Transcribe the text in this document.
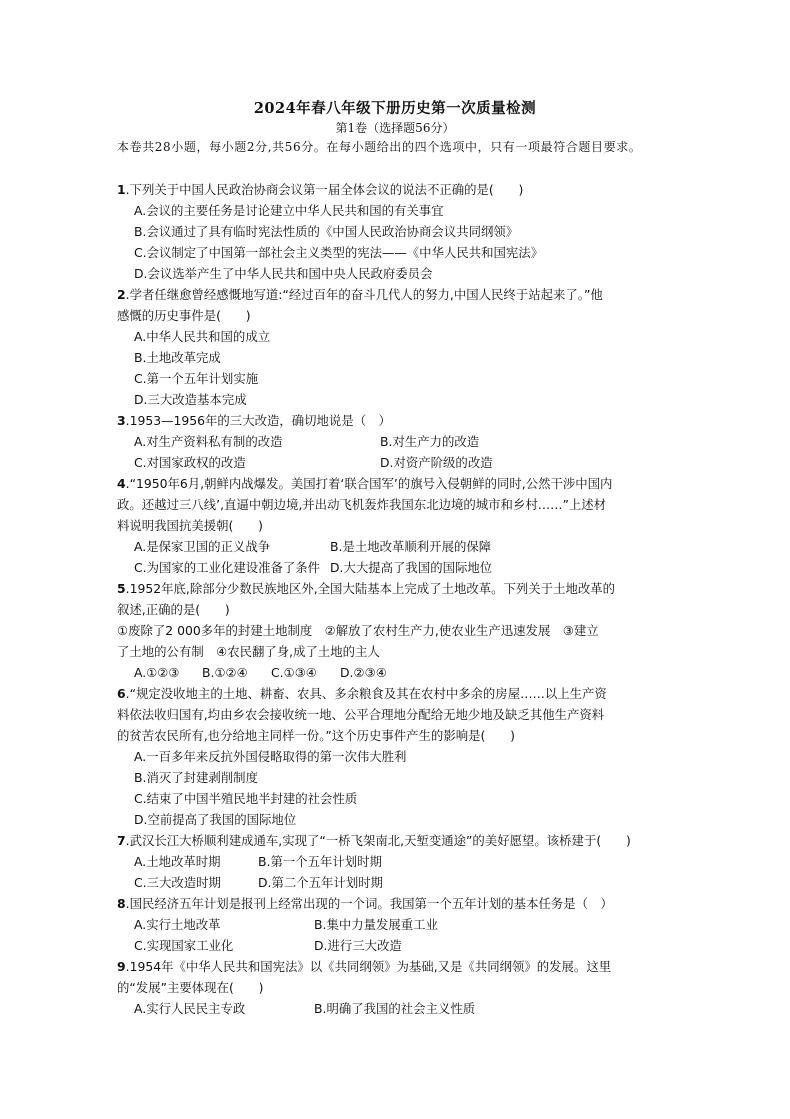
2024年春八年级下册历史第一次质量检测
第1卷（选择题56分）
本卷共28小题，每小题2分,共56分。在每小题给出的四个选项中，只有一项最符合题目要求。
1.下列关于中国人民政治协商会议第一届全体会议的说法不正确的是(　　)
A.会议的主要任务是讨论建立中华人民共和国的有关事宜
B.会议通过了具有临时宪法性质的《中国人民政治协商会议共同纲领》
C.会议制定了中国第一部社会主义类型的宪法——《中华人民共和国宪法》
D.会议选举产生了中华人民共和国中央人民政府委员会
2.学者任继愈曾经感慨地写道:“经过百年的奋斗几代人的努力,中国人民终于站起来了。”他
感慨的历史事件是(　　)
A.中华人民共和国的成立
B.土地改革完成
C.第一个五年计划实施
D.三大改造基本完成
3.1953—1956年的三大改造，确切地说是（　）
A.对生产资料私有制的改造	B.对生产力的改造
C.对国家政权的改造	D.对资产阶级的改造
4.“1950年6月,朝鲜内战爆发。美国打着‘联合国军’的旗号入侵朝鲜的同时,公然干涉中国内
政。还越过三八线’,直逼中朝边境,并出动飞机轰炸我国东北边境的城市和乡村……”上述材
料说明我国抗美援朝(　　)
A.是保家卫国的正义战争	B.是土地改革顺利开展的保障
C.为国家的工业化建设准备了条件 D.大大提高了我国的国际地位
5.1952年底,除部分少数民族地区外,全国大陆基本上完成了土地改革。下列关于土地改革的
叙述,正确的是(　　)
①废除了2 000多年的封建土地制度　②解放了农村生产力,使农业生产迅速发展　③建立
了土地的公有制　④农民翻了身,成了土地的主人
A.①②③ B.①②④ C.①③④ D.②③④
6.“规定没收地主的土地、耕畜、农具、多余粮食及其在农村中多余的房屋……以上生产资
料依法收归国有,均由乡农会接收统一地、公平合理地分配给无地少地及缺乏其他生产资料
的贫苦农民所有,也分给地主同样一份。”这个历史事件产生的影响是(　　)
A.一百多年来反抗外国侵略取得的第一次伟大胜利
B.消灭了封建剥削制度
C.结束了中国半殖民地半封建的社会性质
D.空前提高了我国的国际地位
7.武汉长江大桥顺利建成通车,实现了“一桥飞架南北,天堑变通途”的美好愿望。该桥建于(　　)
A.土地改革时期	B.第一个五年计划时期
C.三大改造时期	D.第二个五年计划时期
8.国民经济五年计划是报刊上经常出现的一个词。我国第一个五年计划的基本任务是（　）
A.实行土地改革	B.集中力量发展重工业
C.实现国家工业化	D.进行三大改造
9.1954年《中华人民共和国宪法》以《共同纲领》为基础,又是《共同纲领》的发展。这里
的“发展”主要体现在(　　)
A.实行人民民主专政	B.明确了我国的社会主义性质
